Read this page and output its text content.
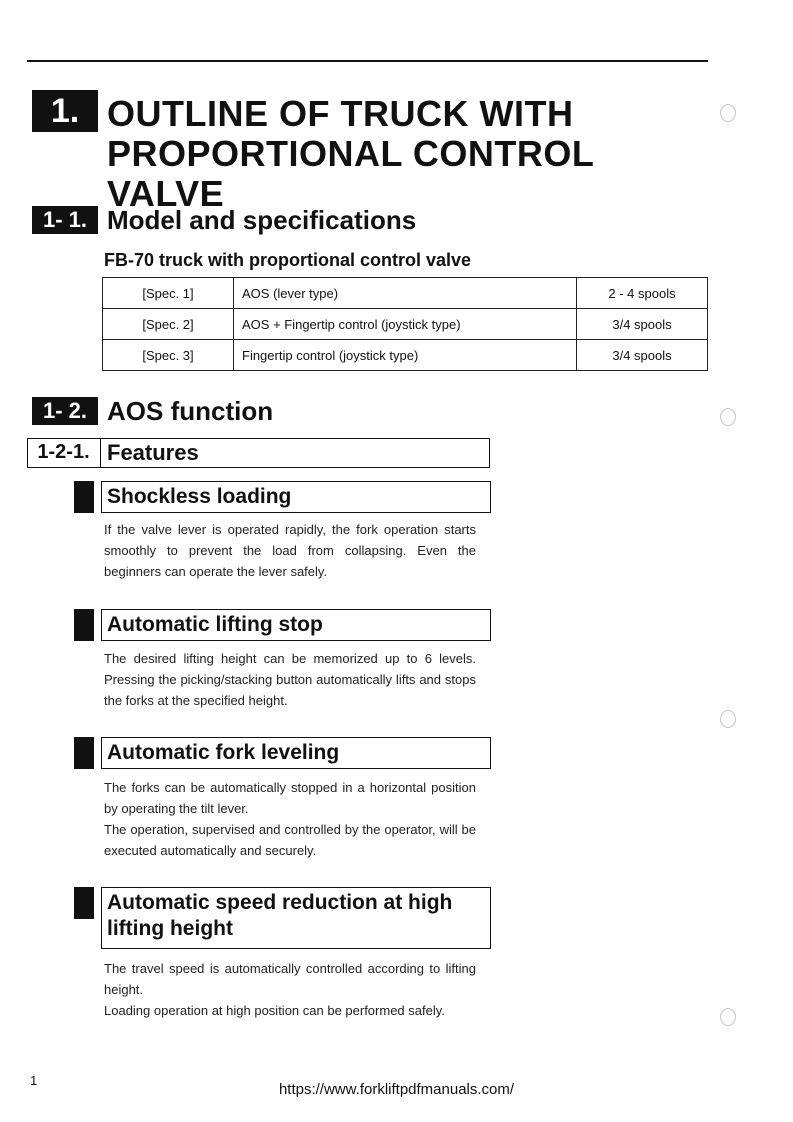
1. OUTLINE OF TRUCK WITH
PROPORTIONAL CONTROL VALVE
1- 1. Model and specifications
FB-70 truck with proportional control valve
[Spec. 1]	AOS (lever type)	2 - 4 spools
[Spec. 2]	AOS + Fingertip control (joystick type)	3/4 spools
[Spec. 3]	Fingertip control (joystick type)	3/4 spools
1- 2. AOS function
1-2-1. Features
Shockless loading
If the valve lever is operated rapidly, the fork operation starts smoothly to prevent the load from collapsing. Even the beginners can operate the lever safely.
Automatic lifting stop
The desired lifting height can be memorized up to 6 levels. Pressing the picking/stacking button automatically lifts and stops the forks at the specified height.
Automatic fork leveling
The forks can be automatically stopped in a horizontal position by operating the tilt lever.
The operation, supervised and controlled by the operator, will be executed automatically and securely.
Automatic speed reduction at high
lifting height
The travel speed is automatically controlled according to lifting height.
Loading operation at high position can be performed safely.
1
https://www.forkliftpdfmanuals.com/
